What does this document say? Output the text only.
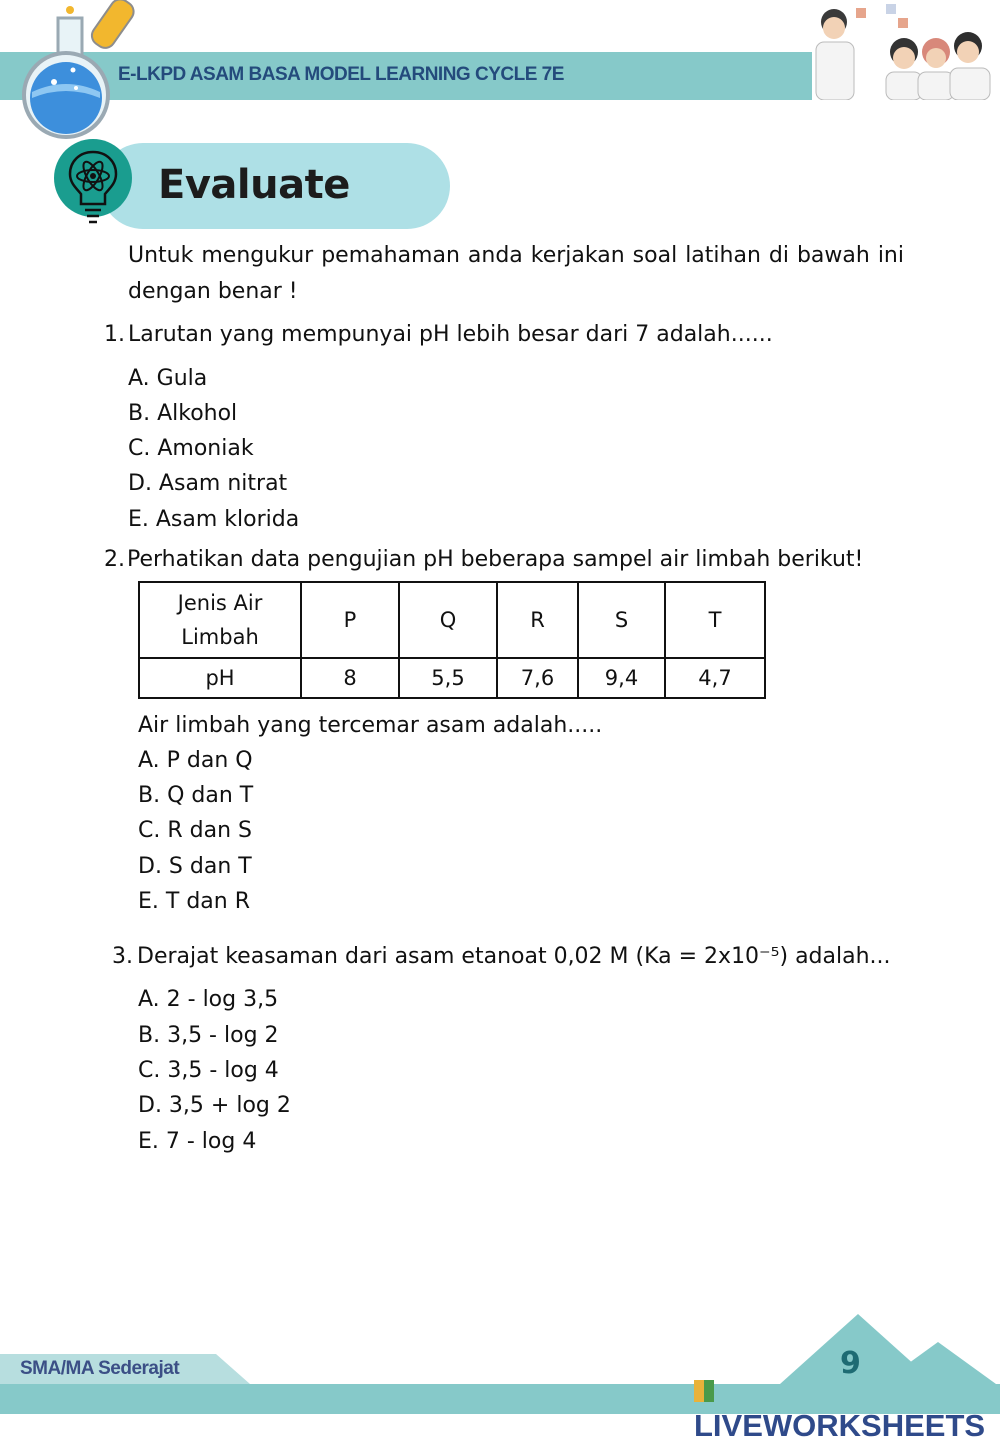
E-LKPD ASAM BASA MODEL LEARNING CYCLE 7E
Evaluate
Untuk mengukur pemahaman anda kerjakan soal latihan di bawah ini dengan benar !
1. Larutan yang mempunyai pH lebih besar dari 7 adalah......
A. Gula
B. Alkohol
C. Amoniak
D. Asam nitrat
E. Asam klorida
2. Perhatikan data pengujian pH beberapa sampel air limbah berikut!
Jenis Air Limbah	P	Q	R	S	T
pH	8	5,5	7,6	9,4	4,7
Air limbah yang tercemar asam adalah.....
A. P dan Q
B. Q dan T
C. R dan S
D. S dan T
E. T dan R
3. Derajat keasaman dari asam etanoat 0,02 M (Ka = 2x10⁻⁵) adalah...
A. 2 - log 3,5
B. 3,5 - log 2
C. 3,5 - log 4
D. 3,5 + log 2
E. 7 - log 4
SMA/MA Sederajat	9
LIVEWORKSHEETS
